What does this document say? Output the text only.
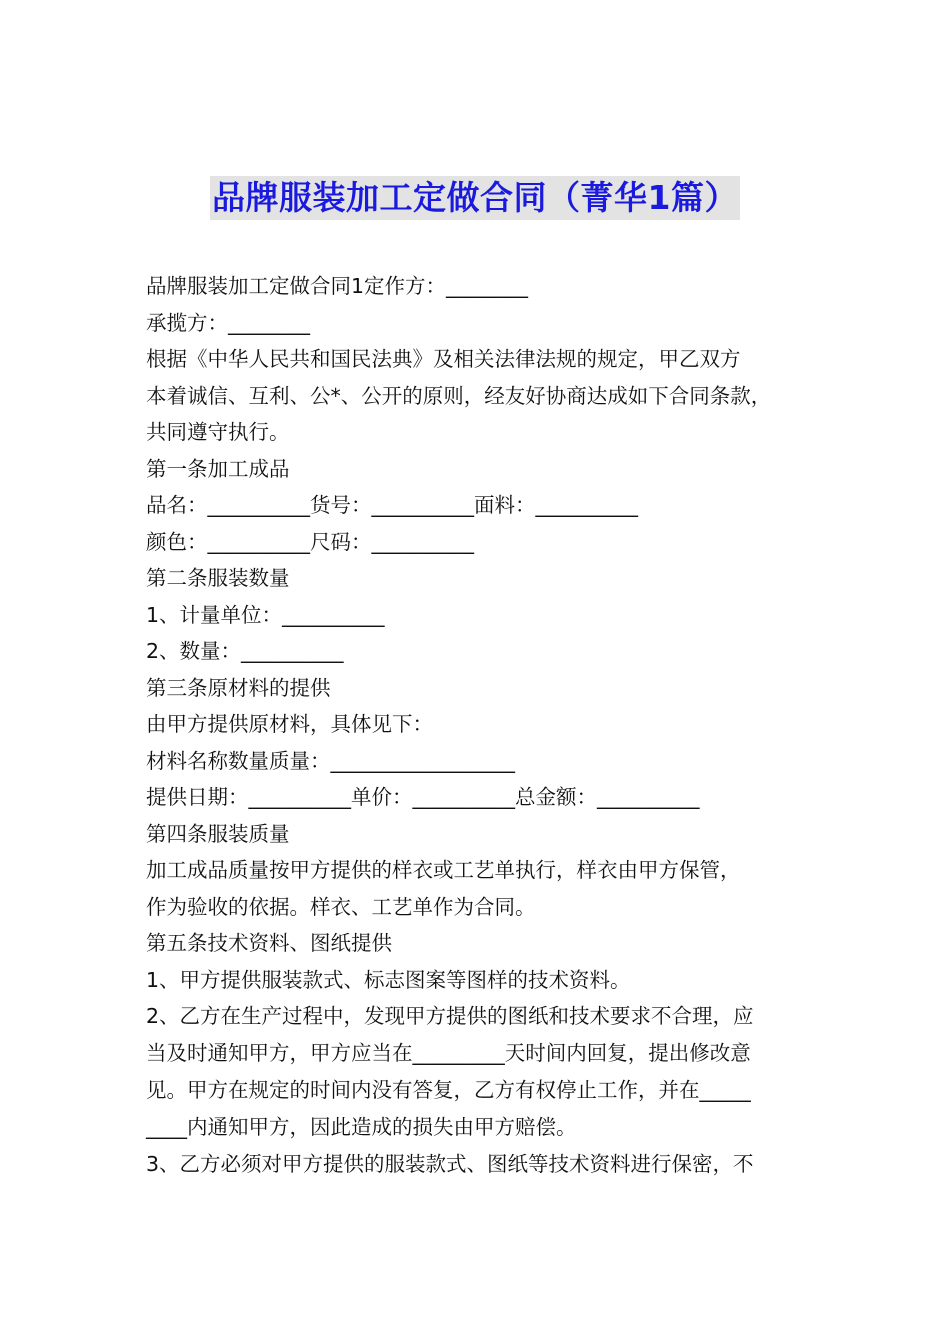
品牌服装加工定做合同（菁华1篇）
品牌服装加工定做合同1定作方：________
承揽方：________
根据《中华人民共和国民法典》及相关法律法规的规定，甲乙双方
本着诚信、互利、公*、公开的原则，经友好协商达成如下合同条款，
共同遵守执行。
第一条加工成品
品名：__________货号：__________面料：__________
颜色：__________尺码：__________
第二条服装数量
1、计量单位：__________
2、数量：__________
第三条原材料的提供
由甲方提供原材料，具体见下：
材料名称数量质量：__________________
提供日期：__________单价：__________总金额：__________
第四条服装质量
加工成品质量按甲方提供的样衣或工艺单执行，样衣由甲方保管，
作为验收的依据。样衣、工艺单作为合同。
第五条技术资料、图纸提供
1、甲方提供服装款式、标志图案等图样的技术资料。
2、乙方在生产过程中，发现甲方提供的图纸和技术要求不合理，应
当及时通知甲方，甲方应当在_________天时间内回复，提出修改意
见。甲方在规定的时间内没有答复，乙方有权停止工作，并在_____
____内通知甲方，因此造成的损失由甲方赔偿。
3、乙方必须对甲方提供的服装款式、图纸等技术资料进行保密，不
